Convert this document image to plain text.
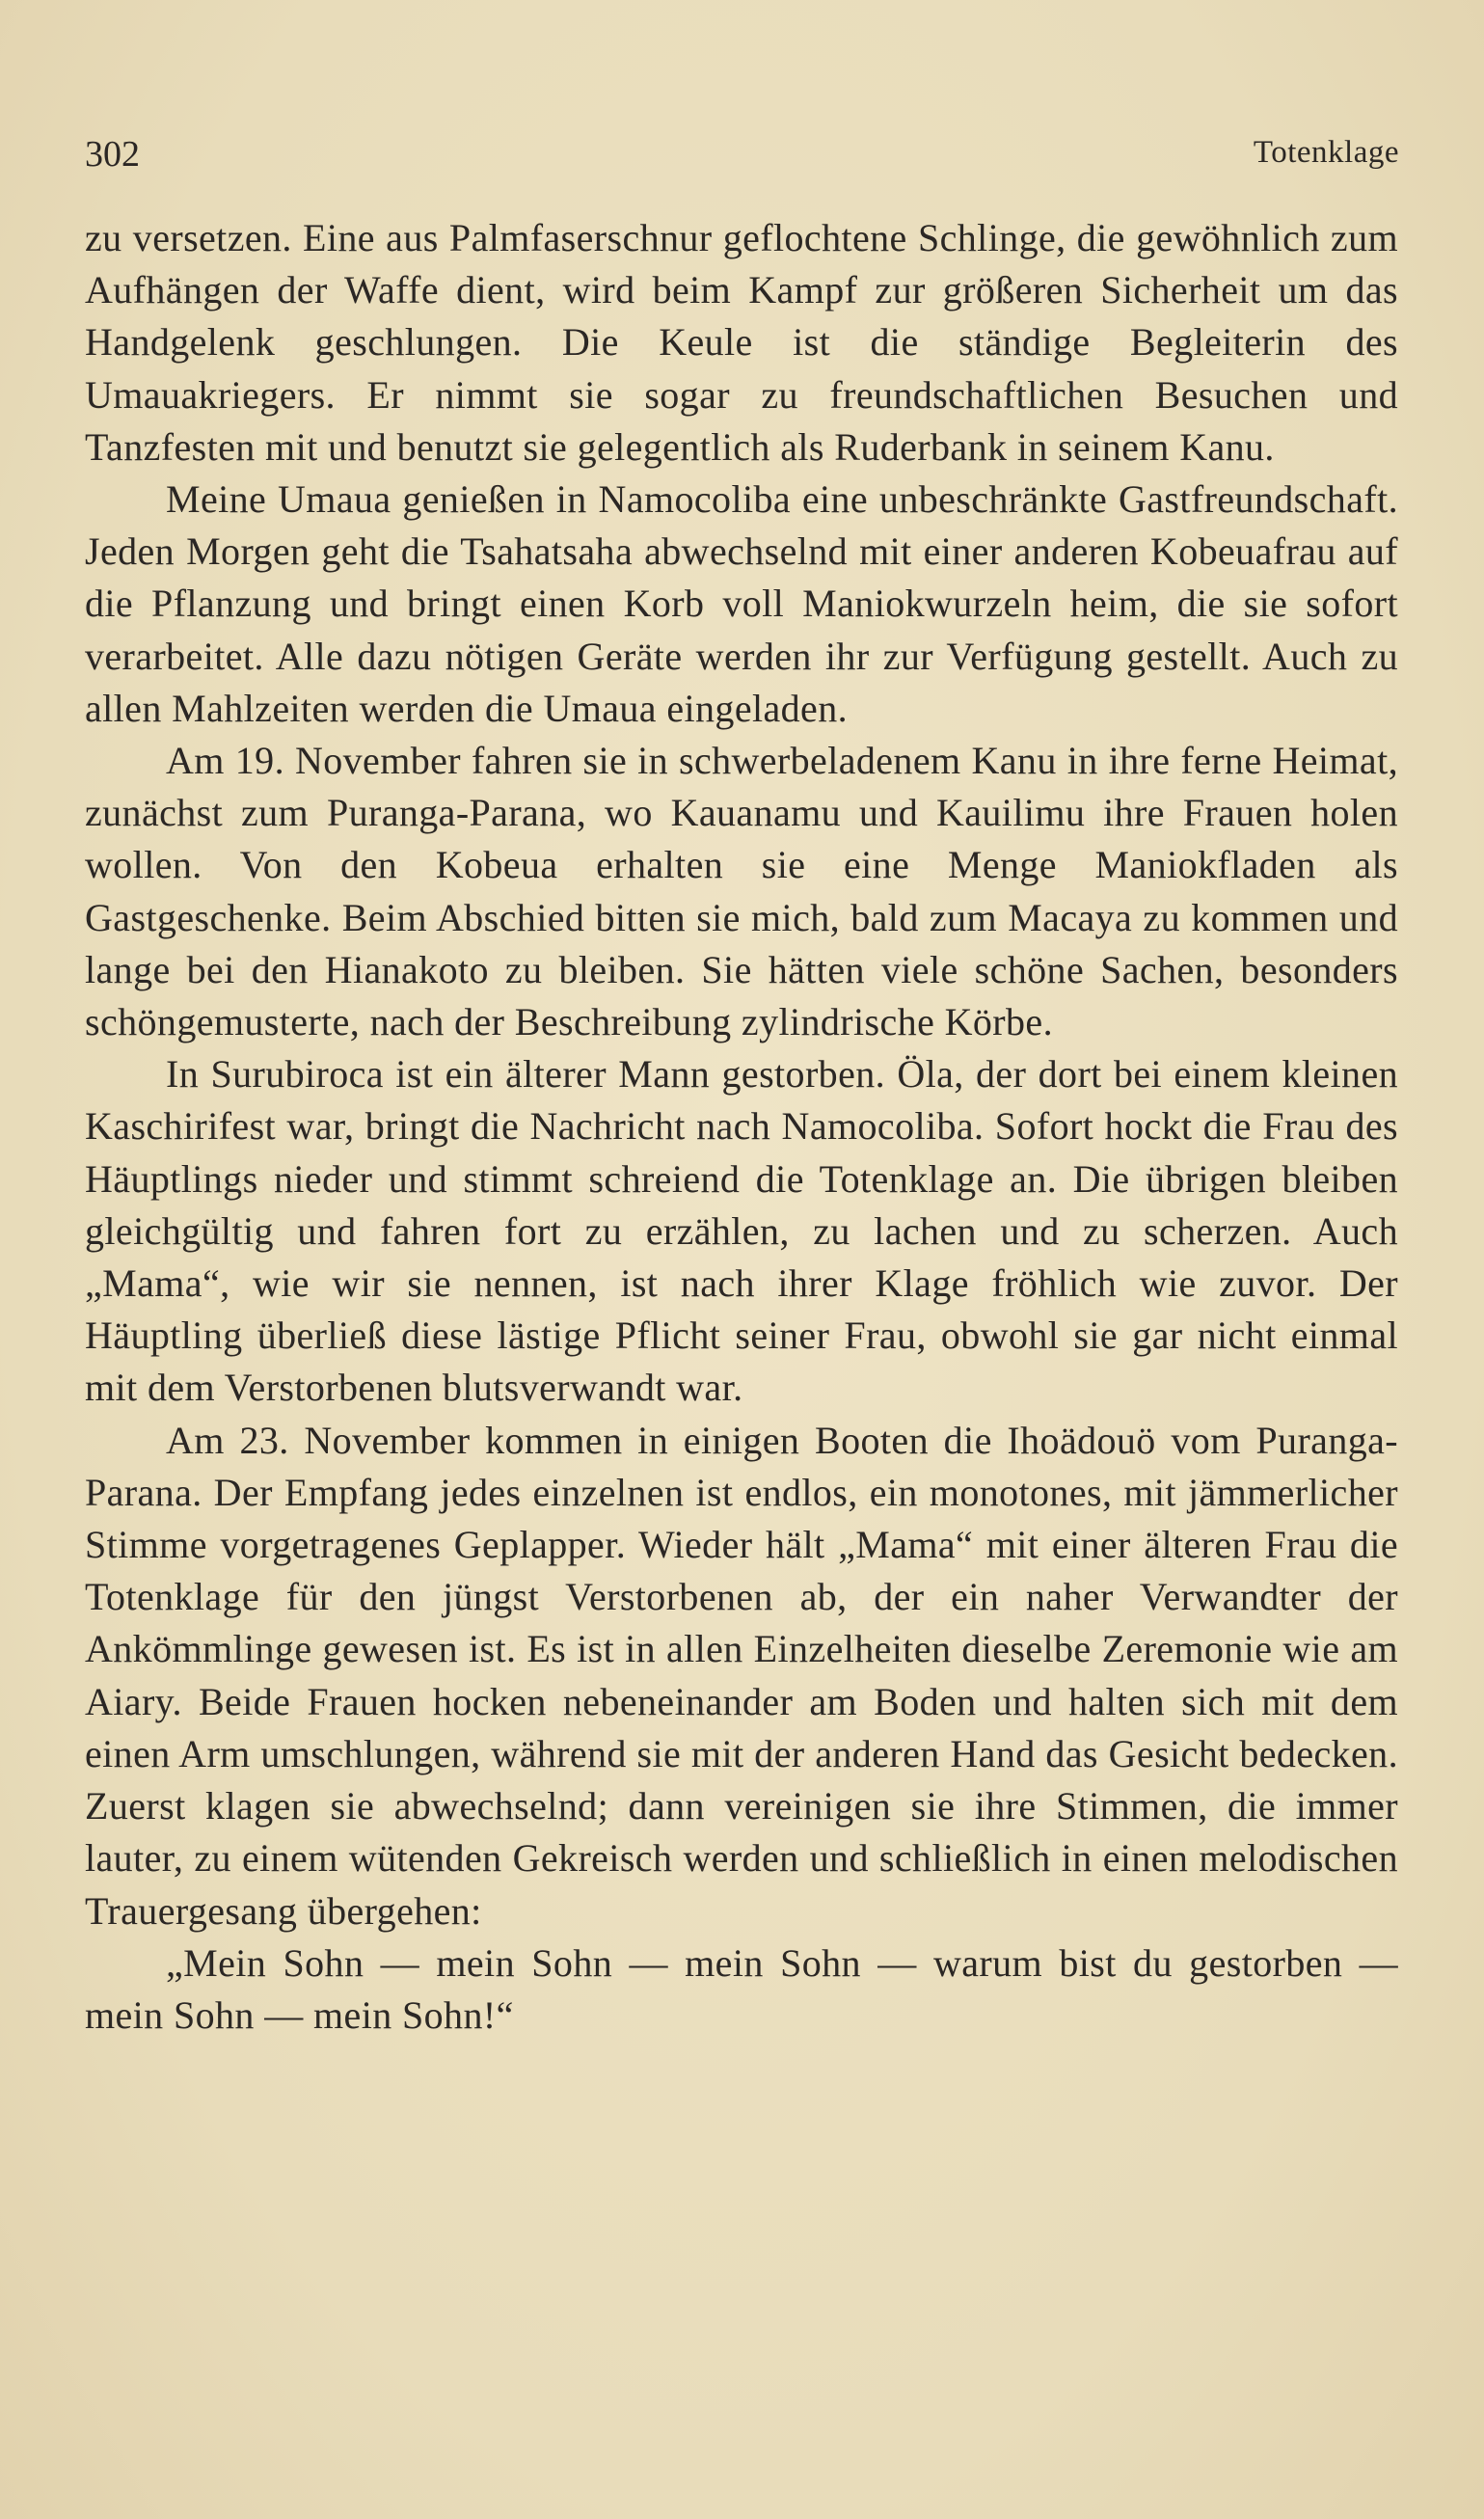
302	Totenklage

zu versetzen. Eine aus Palmfaserschnur geflochtene Schlinge, die gewöhnlich zum Aufhängen der Waffe dient, wird beim Kampf zur größeren Sicherheit um das Handgelenk geschlungen. Die Keule ist die ständige Begleiterin des Umauakriegers. Er nimmt sie sogar zu freundschaftlichen Besuchen und Tanzfesten mit und benutzt sie gelegentlich als Ruderbank in seinem Kanu.

Meine Umaua genießen in Namocoliba eine unbeschränkte Gastfreundschaft. Jeden Morgen geht die Tsahatsaha abwechselnd mit einer anderen Kobeuafrau auf die Pflanzung und bringt einen Korb voll Maniokwurzeln heim, die sie sofort verarbeitet. Alle dazu nötigen Geräte werden ihr zur Verfügung gestellt. Auch zu allen Mahlzeiten werden die Umaua eingeladen.

Am 19. November fahren sie in schwerbeladenem Kanu in ihre ferne Heimat, zunächst zum Puranga-Parana, wo Kauanamu und Kauilimu ihre Frauen holen wollen. Von den Kobeua erhalten sie eine Menge Maniokfladen als Gastgeschenke. Beim Abschied bitten sie mich, bald zum Macaya zu kommen und lange bei den Hianakoto zu bleiben. Sie hätten viele schöne Sachen, besonders schöngemusterte, nach der Beschreibung zylindrische Körbe.

In Surubiroca ist ein älterer Mann gestorben. Öla, der dort bei einem kleinen Kaschirifest war, bringt die Nachricht nach Namocoliba. Sofort hockt die Frau des Häuptlings nieder und stimmt schreiend die Totenklage an. Die übrigen bleiben gleichgültig und fahren fort zu erzählen, zu lachen und zu scherzen. Auch „Mama“, wie wir sie nennen, ist nach ihrer Klage fröhlich wie zuvor. Der Häuptling überließ diese lästige Pflicht seiner Frau, obwohl sie gar nicht einmal mit dem Verstorbenen blutsverwandt war.

Am 23. November kommen in einigen Booten die Ihoädouö vom Puranga-Parana. Der Empfang jedes einzelnen ist endlos, ein monotones, mit jämmerlicher Stimme vorgetragenes Geplapper. Wieder hält „Mama“ mit einer älteren Frau die Totenklage für den jüngst Verstorbenen ab, der ein naher Verwandter der Ankömmlinge gewesen ist. Es ist in allen Einzelheiten dieselbe Zeremonie wie am Aiary. Beide Frauen hocken nebeneinander am Boden und halten sich mit dem einen Arm umschlungen, während sie mit der anderen Hand das Gesicht bedecken. Zuerst klagen sie abwechselnd; dann vereinigen sie ihre Stimmen, die immer lauter, zu einem wütenden Gekreisch werden und schließlich in einen melodischen Trauergesang übergehen:

„Mein Sohn — mein Sohn — mein Sohn — warum bist du gestorben — mein Sohn — mein Sohn!“
